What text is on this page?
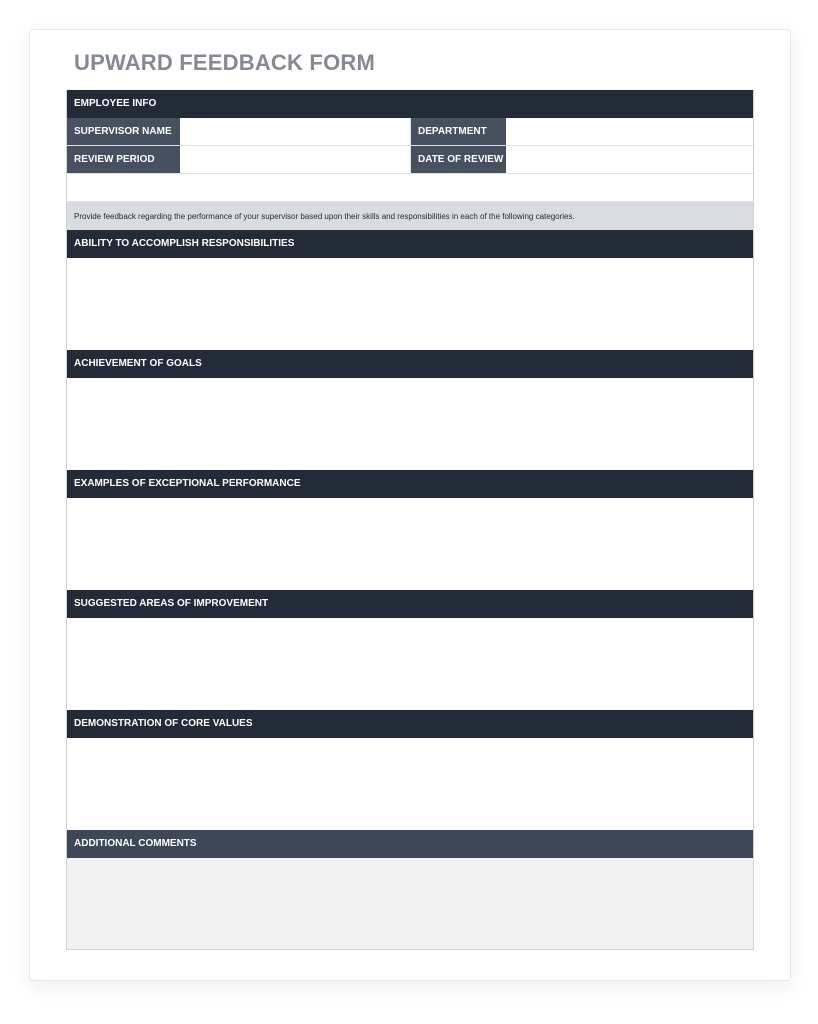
UPWARD FEEDBACK FORM
EMPLOYEE INFO
SUPERVISOR NAME	DEPARTMENT
REVIEW PERIOD	DATE OF REVIEW
Provide feedback regarding the performance of your supervisor based upon their skills and responsibilities in each of the following categories.
ABILITY TO ACCOMPLISH RESPONSIBILITIES
ACHIEVEMENT OF GOALS
EXAMPLES OF EXCEPTIONAL PERFORMANCE
SUGGESTED AREAS OF IMPROVEMENT
DEMONSTRATION OF CORE VALUES
ADDITIONAL COMMENTS
